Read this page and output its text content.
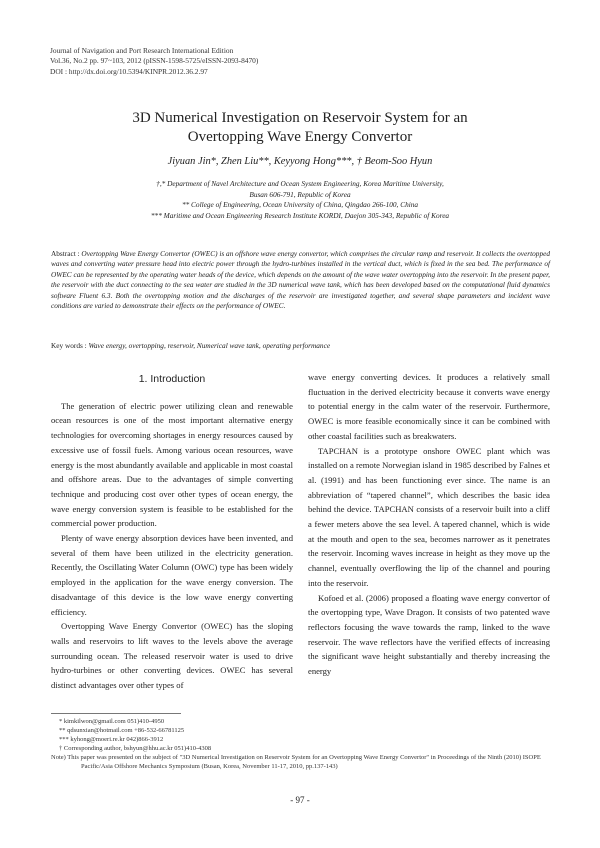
Journal of Navigation and Port Research International Edition
Vol.36, No.2 pp. 97~103, 2012 (pISSN-1598-5725/eISSN-2093-8470)
DOI : http://dx.doi.org/10.5394/KINPR.2012.36.2.97
3D Numerical Investigation on Reservoir System for an
Overtopping Wave Energy Convertor
Jiyuan Jin*, Zhen Liu**, Keyyong Hong***, † Beom-Soo Hyun
†,* Department of Navel Architecture and Ocean System Engineering, Korea Maritime University,
Busan 606-791, Republic of Korea
** College of Engineering, Ocean University of China, Qingdao 266-100, China
*** Maritime and Ocean Engineering Research Institute KORDI, Daejon 305-343, Republic of Korea
Abstract : Overtopping Wave Energy Convertor (OWEC) is an offshore wave energy convertor, which comprises the circular ramp and reservoir. It collects the overtopped waves and converting water pressure head into electric power through the hydro-turbines installed in the vertical duct, which is fixed in the sea bed. The performance of OWEC can be represented by the operating water heads of the device, which depends on the amount of the wave water overtopping into the reservoir. In the present paper, the reservoir with the duct connecting to the sea water are studied in the 3D numerical wave tank, which has been developed based on the computational fluid dynamics software Fluent 6.3. Both the overtopping motion and the discharges of the reservoir are investigated together, and several shape parameters and incident wave conditions are varied to demonstrate their effects on the performance of OWEC.
Key words : Wave energy, overtopping, reservoir, Numerical wave tank, operating performance
1. Introduction

The generation of electric power utilizing clean and renewable ocean resources is one of the most important alternative energy technologies for overcoming shortages in energy resources caused by excessive use of fossil fuels. Among various ocean resources, wave energy is the most abundantly available and applicable in most coastal and offshore areas. Due to the advantages of simple converting technique and producing cost over other types of ocean energy, the wave energy conversion system is feasible to be established for the commercial power production.

Plenty of wave energy absorption devices have been invented, and several of them have been utilized in the electricity generation. Recently, the Oscillating Water Column (OWC) type has been widely employed in the application for the wave energy conversion. The disadvantage of this device is the low wave energy converting efficiency.

Overtopping Wave Energy Convertor (OWEC) has the sloping walls and reservoirs to lift waves to the levels above the average surrounding ocean. The released reservoir water is used to drive hydro-turbines or other converting devices. OWEC has several distinct advantages over other types of

wave energy converting devices. It produces a relatively small fluctuation in the derived electricity because it converts wave energy to potential energy in the calm water of the reservoir. Furthermore, OWEC is more feasible economically since it can be combined with other coastal facilities such as breakwaters.

TAPCHAN is a prototype onshore OWEC plant which was installed on a remote Norwegian island in 1985 described by Falnes et al. (1991) and has been functioning ever since. The name is an abbreviation of “tapered channel”, which describes the basic idea behind the device. TAPCHAN consists of a reservoir built into a cliff a fewer meters above the sea level. A tapered channel, which is wide at the mouth and open to the sea, becomes narrower as it penetrates the reservoir. Incoming waves increase in height as they move up the channel, eventually overflowing the lip of the channel and pouring into the reservoir.

Kofoed et al. (2006) proposed a floating wave energy convertor of the overtopping type, Wave Dragon. It consists of two patented wave reflectors focusing the wave towards the ramp, linked to the wave reservoir. The wave reflectors have the verified effects of increasing the significant wave height substantially and thereby increasing the energy

* kimkilwon@gmail.com 051)410-4950
** qdsunxian@hotmail.com +86-532-66781125
*** kyhong@moeri.re.kr 042)866-3912
† Corresponding author, bshyun@hhu.ac.kr 051)410-4308
Note) This paper was presented on the subject of "3D Numerical Investigation on Reservoir System for an Overtopping Wave Energy Convertor" in Proceedings of the Ninth (2010) ISOPE Pacific/Asia Offshore Mechanics Symposium (Busan, Korea, November 11-17, 2010, pp.137-143)
- 97 -
